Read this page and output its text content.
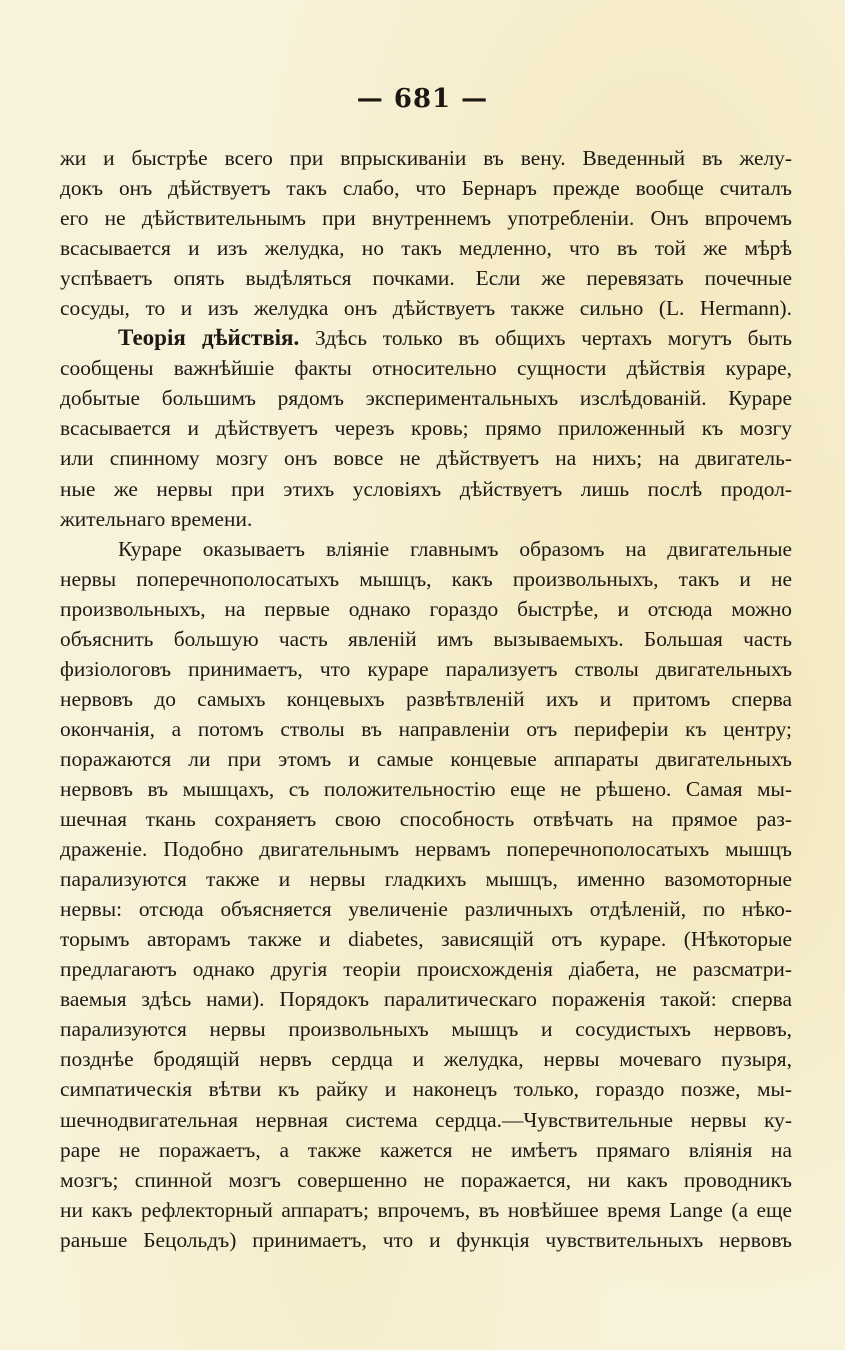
— 681 —
жи и быстрѣе всего при впрыскиваніи въ вену. Введенный въ желу-
докъ онъ дѣйствуетъ такъ слабо, что Бернаръ прежде вообще считалъ
его не дѣйствительнымъ при внутреннемъ употребленіи. Онъ впрочемъ
всасывается и изъ желудка, но такъ медленно, что въ той же мѣрѣ
успѣваетъ опять выдѣляться почками. Если же перевязать почечные
сосуды, то и изъ желудка онъ дѣйствуетъ также сильно (L. Hermann).
Теорія дѣйствія. Здѣсь только въ общихъ чертахъ могутъ быть
сообщены важнѣйшіе факты относительно сущности дѣйствія кураре,
добытые большимъ рядомъ экспериментальныхъ изслѣдованій. Кураре
всасывается и дѣйствуетъ черезъ кровь; прямо приложенный къ мозгу
или спинному мозгу онъ вовсе не дѣйствуетъ на нихъ; на двигатель-
ные же нервы при этихъ условіяхъ дѣйствуетъ лишь послѣ продол-
жительнаго времени.
Кураре оказываетъ вліяніе главнымъ образомъ на двигательные
нервы поперечнополосатыхъ мышцъ, какъ произвольныхъ, такъ и не
произвольныхъ, на первые однако гораздо быстрѣе, и отсюда можно
объяснить большую часть явленій имъ вызываемыхъ. Большая часть
физіологовъ принимаетъ, что кураре парализуетъ стволы двигательныхъ
нервовъ до самыхъ концевыхъ развѣтвленій ихъ и притомъ сперва
окончанія, а потомъ стволы въ направленіи отъ периферіи къ центру;
поражаются ли при этомъ и самые концевые аппараты двигательныхъ
нервовъ въ мышцахъ, съ положительностію еще не рѣшено. Самая мы-
шечная ткань сохраняетъ свою способность отвѣчать на прямое раз-
драженіе. Подобно двигательнымъ нервамъ поперечнополосатыхъ мышцъ
парализуются также и нервы гладкихъ мышцъ, именно вазомоторные
нервы: отсюда объясняется увеличеніе различныхъ отдѣленій, по нѣко-
торымъ авторамъ также и diabetes, зависящій отъ кураре. (Нѣкоторые
предлагаютъ однако другія теоріи происхожденія діабета, не разсматри-
ваемыя здѣсь нами). Порядокъ паралитическаго пораженія такой: сперва
парализуются нервы произвольныхъ мышцъ и сосудистыхъ нервовъ,
позднѣе бродящій нервъ сердца и желудка, нервы мочеваго пузыря,
симпатическія вѣтви къ райку и наконецъ только, гораздо позже, мы-
шечнодвигательная нервная система сердца.—Чувствительные нервы ку-
раре не поражаетъ, а также кажется не имѣетъ прямаго вліянія на
мозгъ; спинной мозгъ совершенно не поражается, ни какъ проводникъ
ни какъ рефлекторный аппаратъ; впрочемъ, въ новѣйшее время Lange (а еще
раньше Бецольдъ) принимаетъ, что и функція чувствительныхъ нервовъ
